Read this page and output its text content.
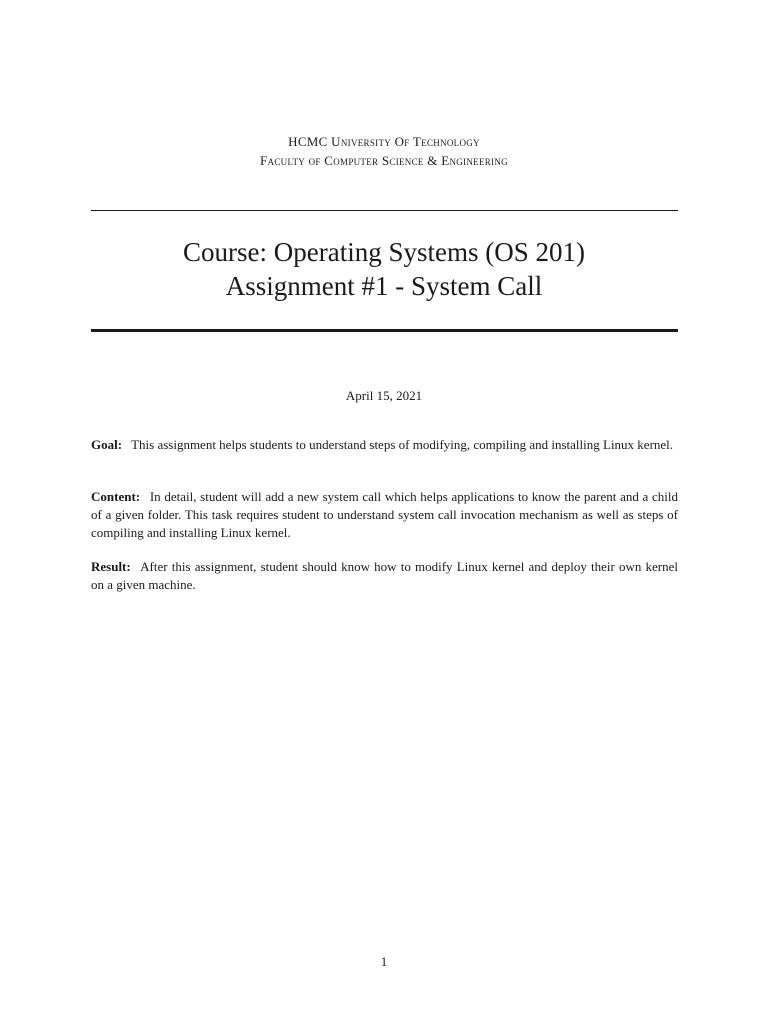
HCMC University Of Technology
Faculty of Computer Science & Engineering
Course: Operating Systems (OS 201)
Assignment #1 - System Call
April 15, 2021
Goal: This assignment helps students to understand steps of modifying, compiling and installing Linux kernel.
Content: In detail, student will add a new system call which helps applications to know the parent and a child of a given folder. This task requires student to understand system call invocation mechanism as well as steps of compiling and installing Linux kernel.
Result: After this assignment, student should know how to modify Linux kernel and deploy their own kernel on a given machine.
1
